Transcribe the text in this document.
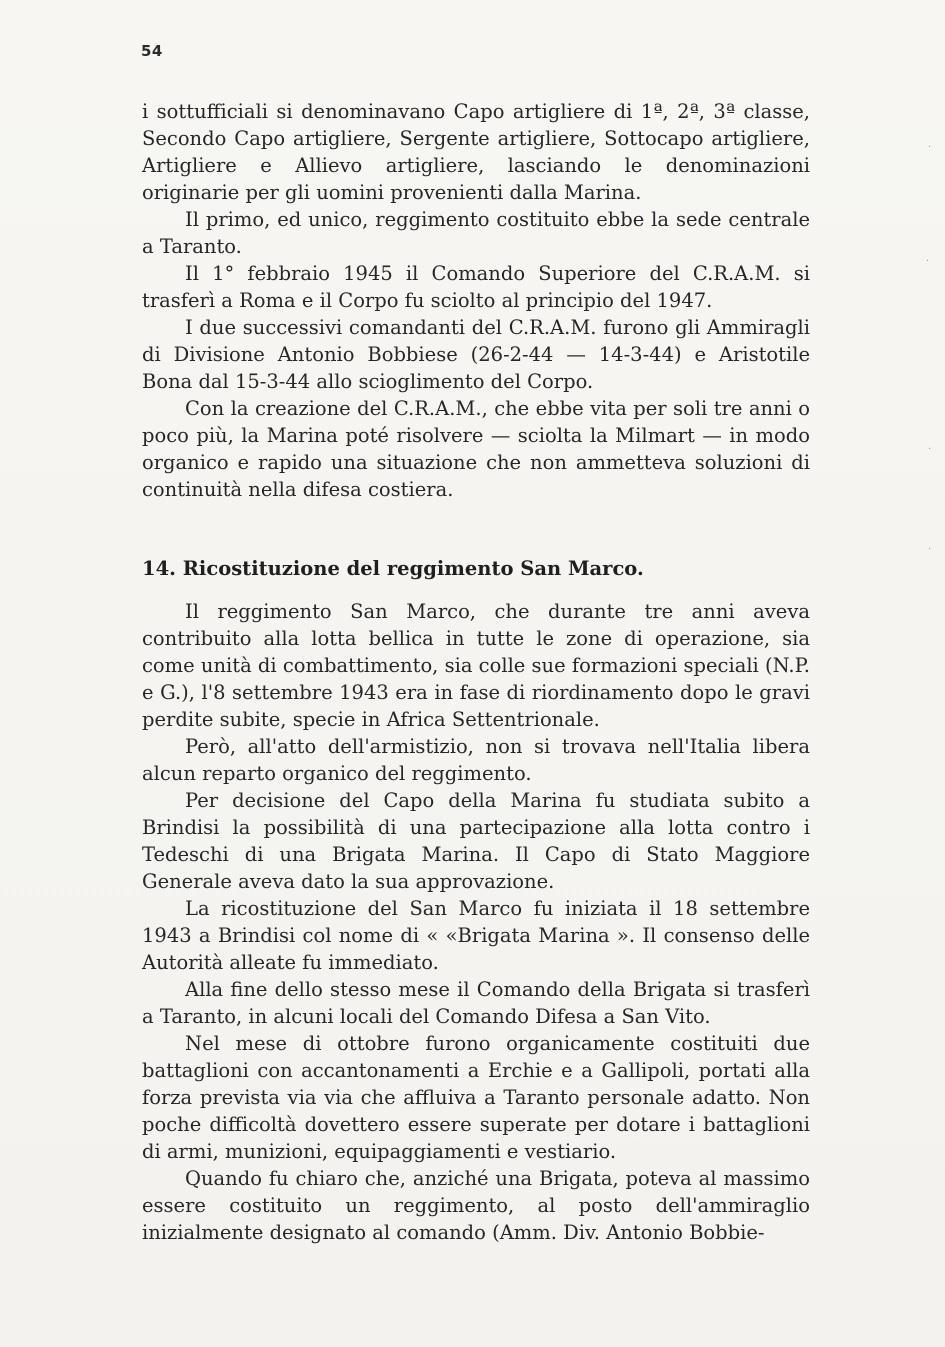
54

i sottufficiali si denominavano Capo artigliere di 1ª, 2ª, 3ª classe, Secondo Capo artigliere, Sergente artigliere, Sottocapo artigliere, Artigliere e Allievo artigliere, lasciando le denominazioni originarie per gli uomini provenienti dalla Marina.

Il primo, ed unico, reggimento costituito ebbe la sede centrale a Taranto.

Il 1° febbraio 1945 il Comando Superiore del C.R.A.M. si trasferì a Roma e il Corpo fu sciolto al principio del 1947.

I due successivi comandanti del C.R.A.M. furono gli Ammiragli di Divisione Antonio Bobbiese (26-2-44 — 14-3-44) e Aristotile Bona dal 15-3-44 allo scioglimento del Corpo.

Con la creazione del C.R.A.M., che ebbe vita per soli tre anni o poco più, la Marina poté risolvere — sciolta la Milmart — in modo organico e rapido una situazione che non ammetteva soluzioni di continuità nella difesa costiera.

14. Ricostituzione del reggimento San Marco.

Il reggimento San Marco, che durante tre anni aveva contribuito alla lotta bellica in tutte le zone di operazione, sia come unità di combattimento, sia colle sue formazioni speciali (N.P. e G.), l'8 settembre 1943 era in fase di riordinamento dopo le gravi perdite subite, specie in Africa Settentrionale.

Però, all'atto dell'armistizio, non si trovava nell'Italia libera alcun reparto organico del reggimento.

Per decisione del Capo della Marina fu studiata subito a Brindisi la possibilità di una partecipazione alla lotta contro i Tedeschi di una Brigata Marina. Il Capo di Stato Maggiore Generale aveva dato la sua approvazione.

La ricostituzione del San Marco fu iniziata il 18 settembre 1943 a Brindisi col nome di « «Brigata Marina ». Il consenso delle Autorità alleate fu immediato.

Alla fine dello stesso mese il Comando della Brigata si trasferì a Taranto, in alcuni locali del Comando Difesa a San Vito.

Nel mese di ottobre furono organicamente costituiti due battaglioni con accantonamenti a Erchie e a Gallipoli, portati alla forza prevista via via che affluiva a Taranto personale adatto. Non poche difficoltà dovettero essere superate per dotare i battaglioni di armi, munizioni, equipaggiamenti e vestiario.

Quando fu chiaro che, anziché una Brigata, poteva al massimo essere costituito un reggimento, al posto dell'ammiraglio inizialmente designato al comando (Amm. Div. Antonio Bobbie-

·
·
·
·
